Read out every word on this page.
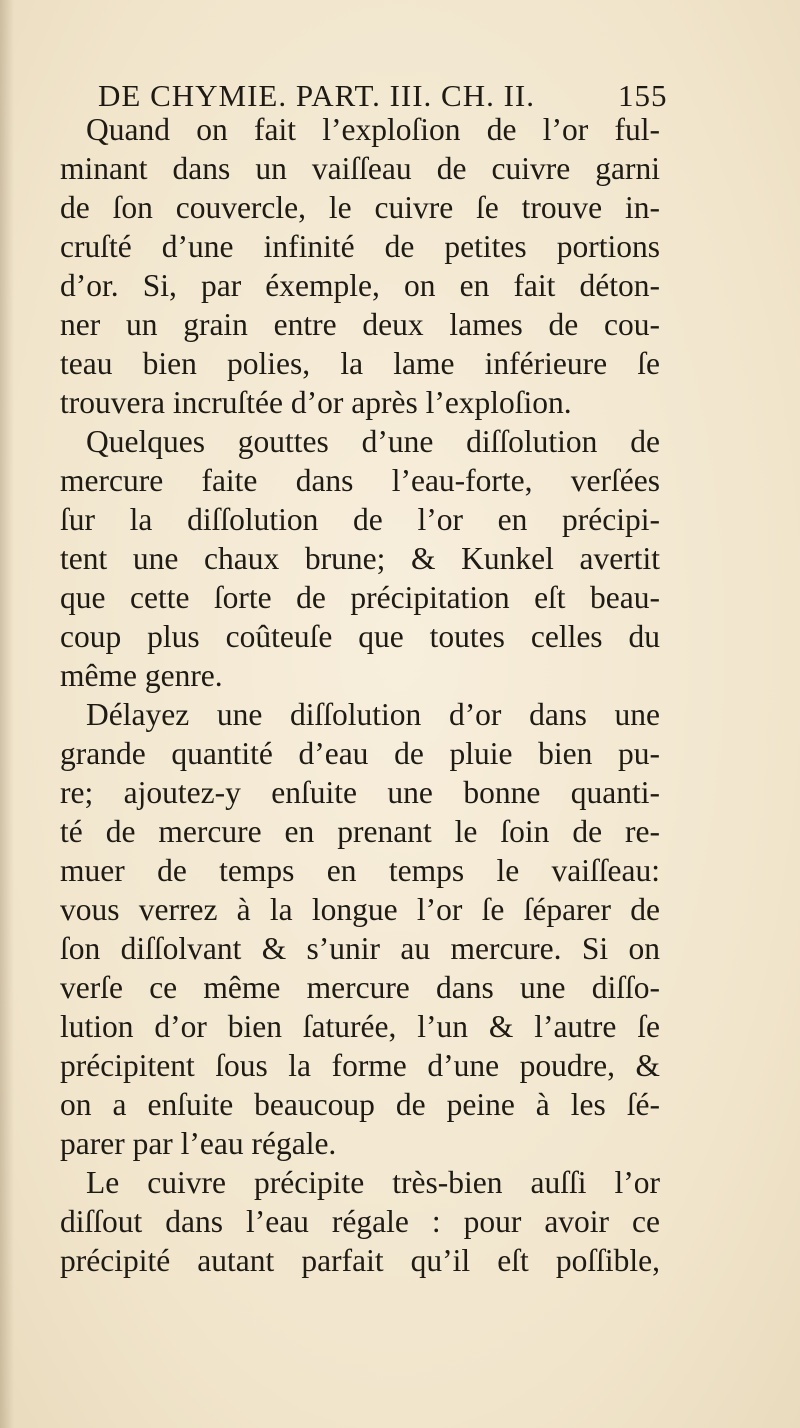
DE CHYMIE. PART. III. CH. II.	155
Quand on fait l’exploſion de l’or ful-
minant dans un vaiſſeau de cuivre garni
de ſon couvercle, le cuivre ſe trouve in-
cruſté d’une infinité de petites portions
d’or. Si, par éxemple, on en fait déton-
ner un grain entre deux lames de cou-
teau bien polies, la lame inférieure ſe
trouvera incruſtée d’or après l’exploſion.
Quelques gouttes d’une diſſolution de
mercure faite dans l’eau-forte, verſées
ſur la diſſolution de l’or en précipi-
tent une chaux brune; & Kunkel avertit
que cette ſorte de précipitation eſt beau-
coup plus coûteuſe que toutes celles du
même genre.
Délayez une diſſolution d’or dans une
grande quantité d’eau de pluie bien pu-
re; ajoutez-y enſuite une bonne quanti-
té de mercure en prenant le ſoin de re-
muer de temps en temps le vaiſſeau:
vous verrez à la longue l’or ſe ſéparer de
ſon diſſolvant & s’unir au mercure. Si on
verſe ce même mercure dans une diſſo-
lution d’or bien ſaturée, l’un & l’autre ſe
précipitent ſous la forme d’une poudre, &
on a enſuite beaucoup de peine à les ſé-
parer par l’eau régale.
Le cuivre précipite très-bien auſſi l’or
diſſout dans l’eau régale : pour avoir ce
précipité autant parfait qu’il eſt poſſible,
